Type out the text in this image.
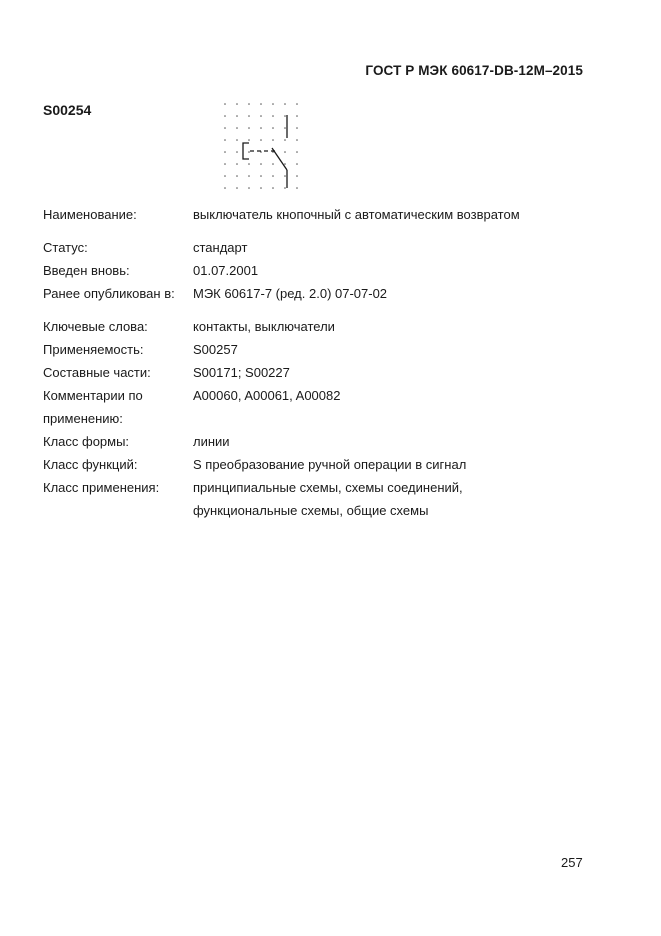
ГОСТ Р МЭК 60617-DB-12M–2015
S00254
Наименование:	выключатель кнопочный с автоматическим возвратом
Статус:	стандарт
Введен вновь:	01.07.2001
Ранее опубликован в:	МЭК 60617-7 (ред. 2.0) 07-07-02
Ключевые слова:	контакты, выключатели
Применяемость:	S00257
Составные части:	S00171; S00227
Комментарии по применению:
A00060, A00061, A00082
Класс формы:	линии
Класс функций:	S преобразование ручной операции в сигнал
Класс применения:	принципиальные схемы, схемы соединений, функциональные схемы, общие схемы
257
